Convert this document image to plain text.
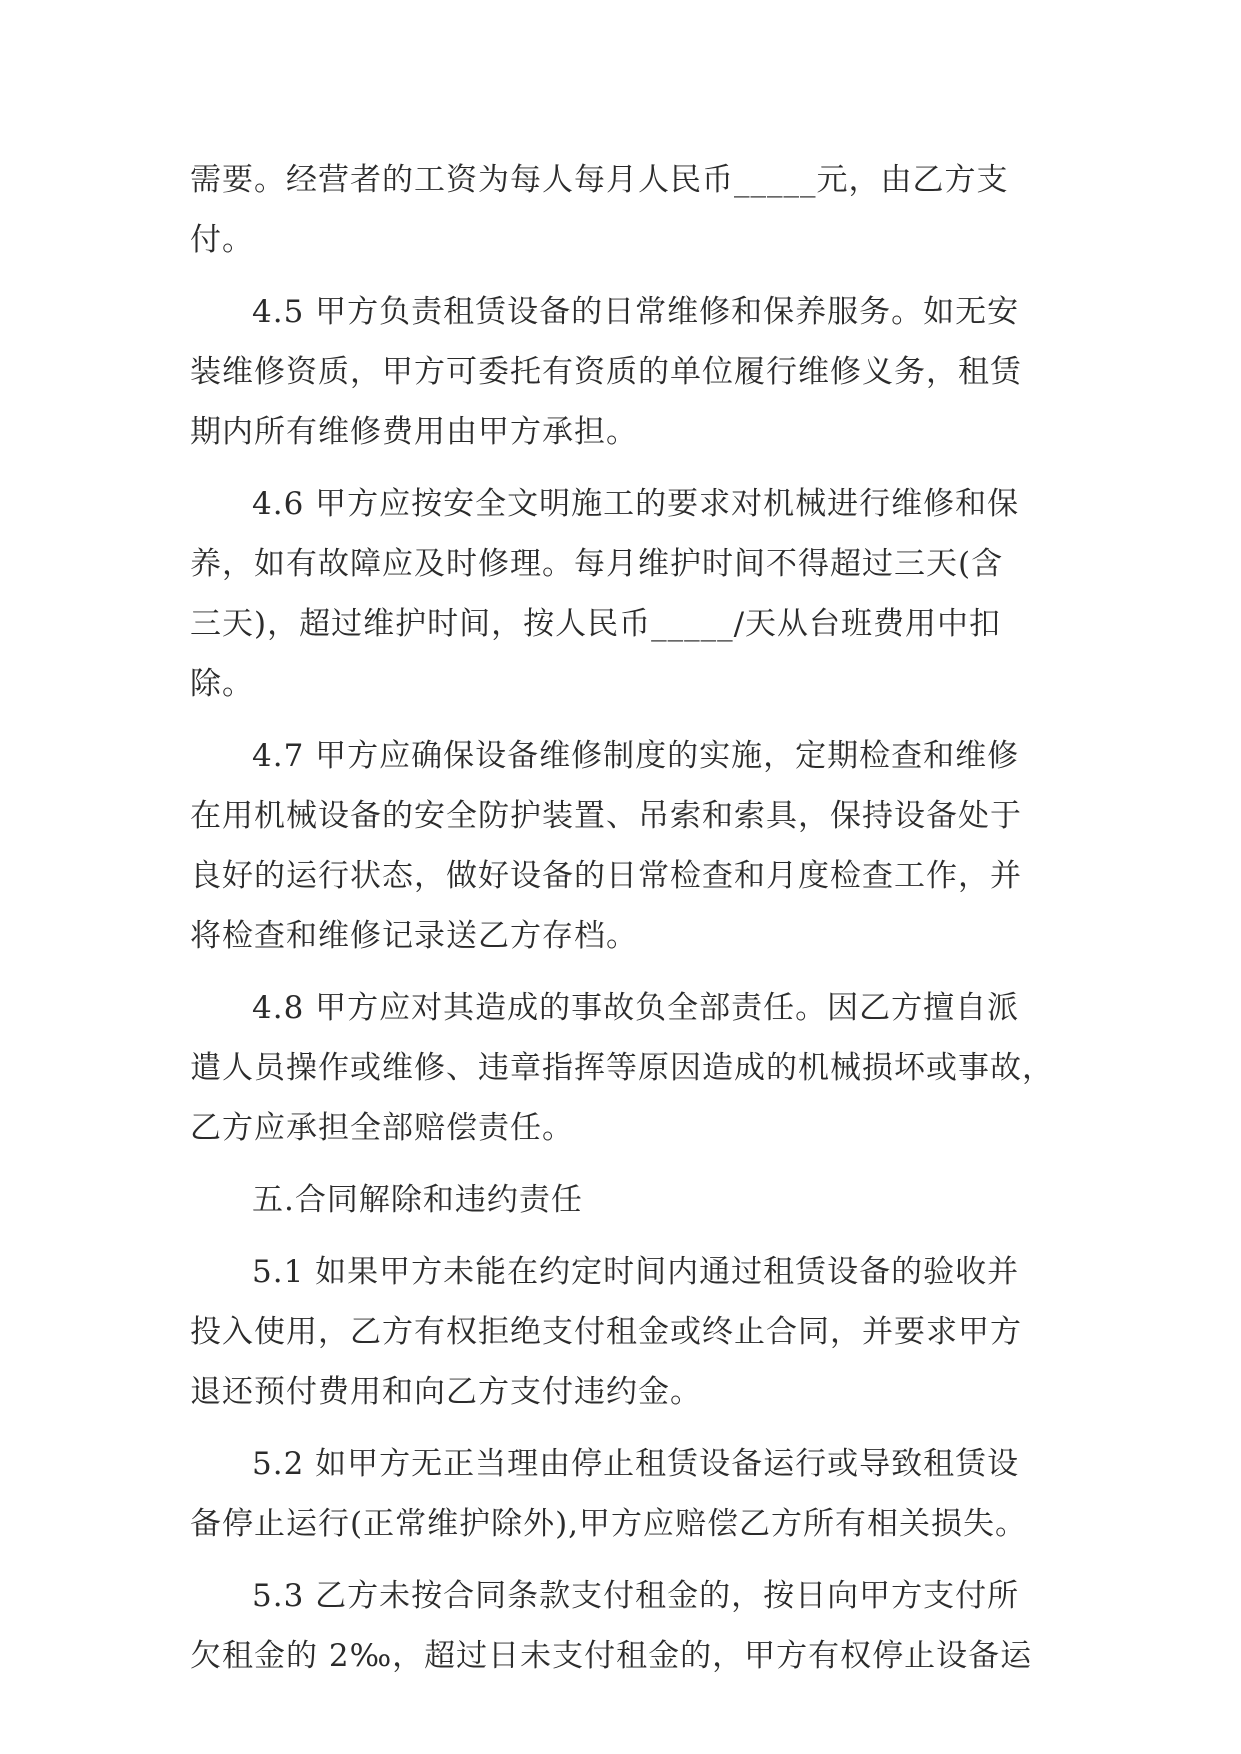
需要。经营者的工资为每人每月人民币_____元，由乙方支
付。
4.5 甲方负责租赁设备的日常维修和保养服务。如无安
装维修资质，甲方可委托有资质的单位履行维修义务，租赁
期内所有维修费用由甲方承担。
4.6 甲方应按安全文明施工的要求对机械进行维修和保
养，如有故障应及时修理。每月维护时间不得超过三天(含
三天)，超过维护时间，按人民币_____/天从台班费用中扣
除。
4.7 甲方应确保设备维修制度的实施，定期检查和维修
在用机械设备的安全防护装置、吊索和索具，保持设备处于
良好的运行状态，做好设备的日常检查和月度检查工作，并
将检查和维修记录送乙方存档。
4.8 甲方应对其造成的事故负全部责任。因乙方擅自派
遣人员操作或维修、违章指挥等原因造成的机械损坏或事故，
乙方应承担全部赔偿责任。
五.合同解除和违约责任
5.1 如果甲方未能在约定时间内通过租赁设备的验收并
投入使用，乙方有权拒绝支付租金或终止合同，并要求甲方
退还预付费用和向乙方支付违约金。
5.2 如甲方无正当理由停止租赁设备运行或导致租赁设
备停止运行(正常维护除外),甲方应赔偿乙方所有相关损失。
5.3 乙方未按合同条款支付租金的，按日向甲方支付所
欠租金的 2‰，超过日未支付租金的，甲方有权停止设备运
